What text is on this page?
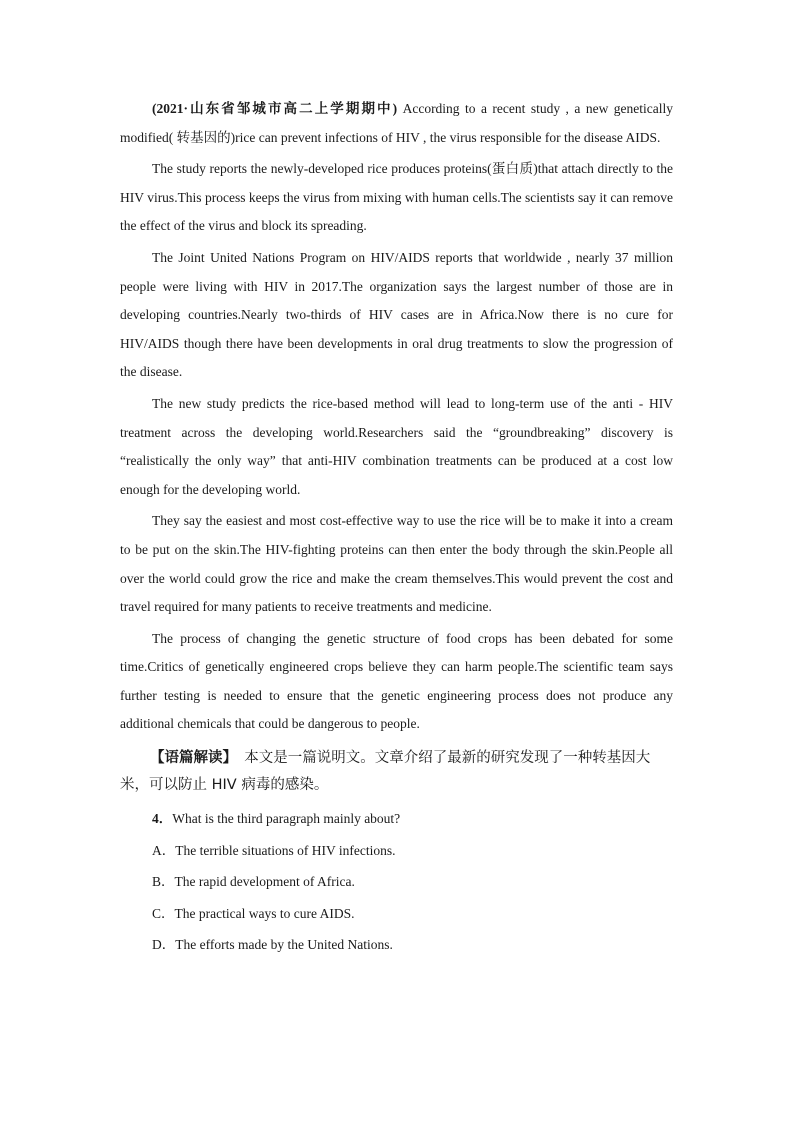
(2021·山东省邹城市高二上学期期中) According to a recent study , a new genetically modified( 转基因的)rice can prevent infections of HIV , the virus responsible for the disease AIDS.

The study reports the newly-developed rice produces proteins(蛋白质)that attach directly to the HIV virus.This process keeps the virus from mixing with human cells.The scientists say it can remove the effect of the virus and block its spreading.

The Joint United Nations Program on HIV/AIDS reports that worldwide , nearly 37 million people were living with HIV in 2017.The organization says the largest number of those are in developing countries.Nearly two-thirds of HIV cases are in Africa.Now there is no cure for HIV/AIDS though there have been developments in oral drug treatments to slow the progression of the disease.

The new study predicts the rice-based method will lead to long-term use of the anti - HIV treatment across the developing world.Researchers said the “groundbreaking” discovery is “realistically the only way” that anti-HIV combination treatments can be produced at a cost low enough for the developing world.

They say the easiest and most cost-effective way to use the rice will be to make it into a cream to be put on the skin.The HIV-fighting proteins can then enter the body through the skin.People all over the world could grow the rice and make the cream themselves.This would prevent the cost and travel required for many patients to receive treatments and medicine.

The process of changing the genetic structure of food crops has been debated for some time.Critics of genetically engineered crops believe they can harm people.The scientific team says further testing is needed to ensure that the genetic engineering process does not produce any additional chemicals that could be dangerous to people.

【语篇解读】　本文是一篇说明文。文章介绍了最新的研究发现了一种转基因大米，可以防止 HIV 病毒的感染。

4．What is the third paragraph mainly about?

A．The terrible situations of HIV infections.

B．The rapid development of Africa.

C．The practical ways to cure AIDS.

D．The efforts made by the United Nations.
